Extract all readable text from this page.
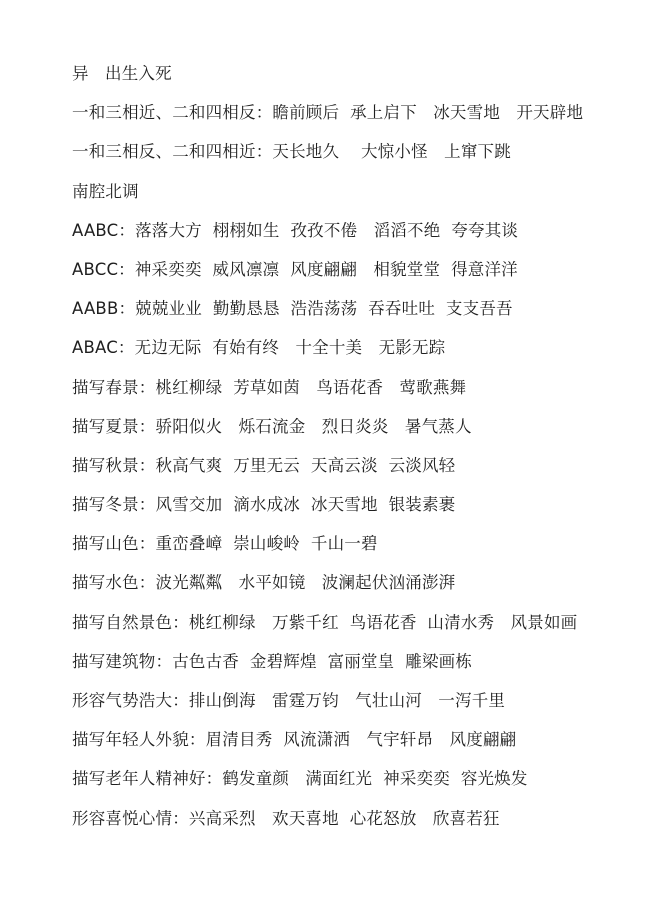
异   出生入死
一和三相近、二和四相反：瞻前顾后  承上启下   冰天雪地   开天辟地
一和三相反、二和四相近：天长地久    大惊小怪   上窜下跳
南腔北调
AABC：落落大方  栩栩如生  孜孜不倦   滔滔不绝  夸夸其谈
ABCC：神采奕奕  威风凛凛  风度翩翩   相貌堂堂  得意洋洋
AABB：兢兢业业  勤勤恳恳  浩浩荡荡  吞吞吐吐  支支吾吾
ABAC：无边无际  有始有终   十全十美   无影无踪
描写春景：桃红柳绿  芳草如茵   鸟语花香   莺歌燕舞
描写夏景：骄阳似火   烁石流金   烈日炎炎   暑气蒸人
描写秋景：秋高气爽  万里无云  天高云淡  云淡风轻
描写冬景：风雪交加  滴水成冰  冰天雪地  银装素裹
描写山色：重峦叠嶂  崇山峻岭  千山一碧
描写水色：波光粼粼   水平如镜   波澜起伏汹涌澎湃
描写自然景色：桃红柳绿   万紫千红  鸟语花香  山清水秀   风景如画
描写建筑物：古色古香  金碧辉煌  富丽堂皇  雕梁画栋
形容气势浩大：排山倒海   雷霆万钧   气壮山河   一泻千里
描写年轻人外貌：眉清目秀  风流潇洒   气宇轩昂   风度翩翩
描写老年人精神好：鹤发童颜   满面红光  神采奕奕  容光焕发
形容喜悦心情：兴高采烈   欢天喜地  心花怒放   欣喜若狂
